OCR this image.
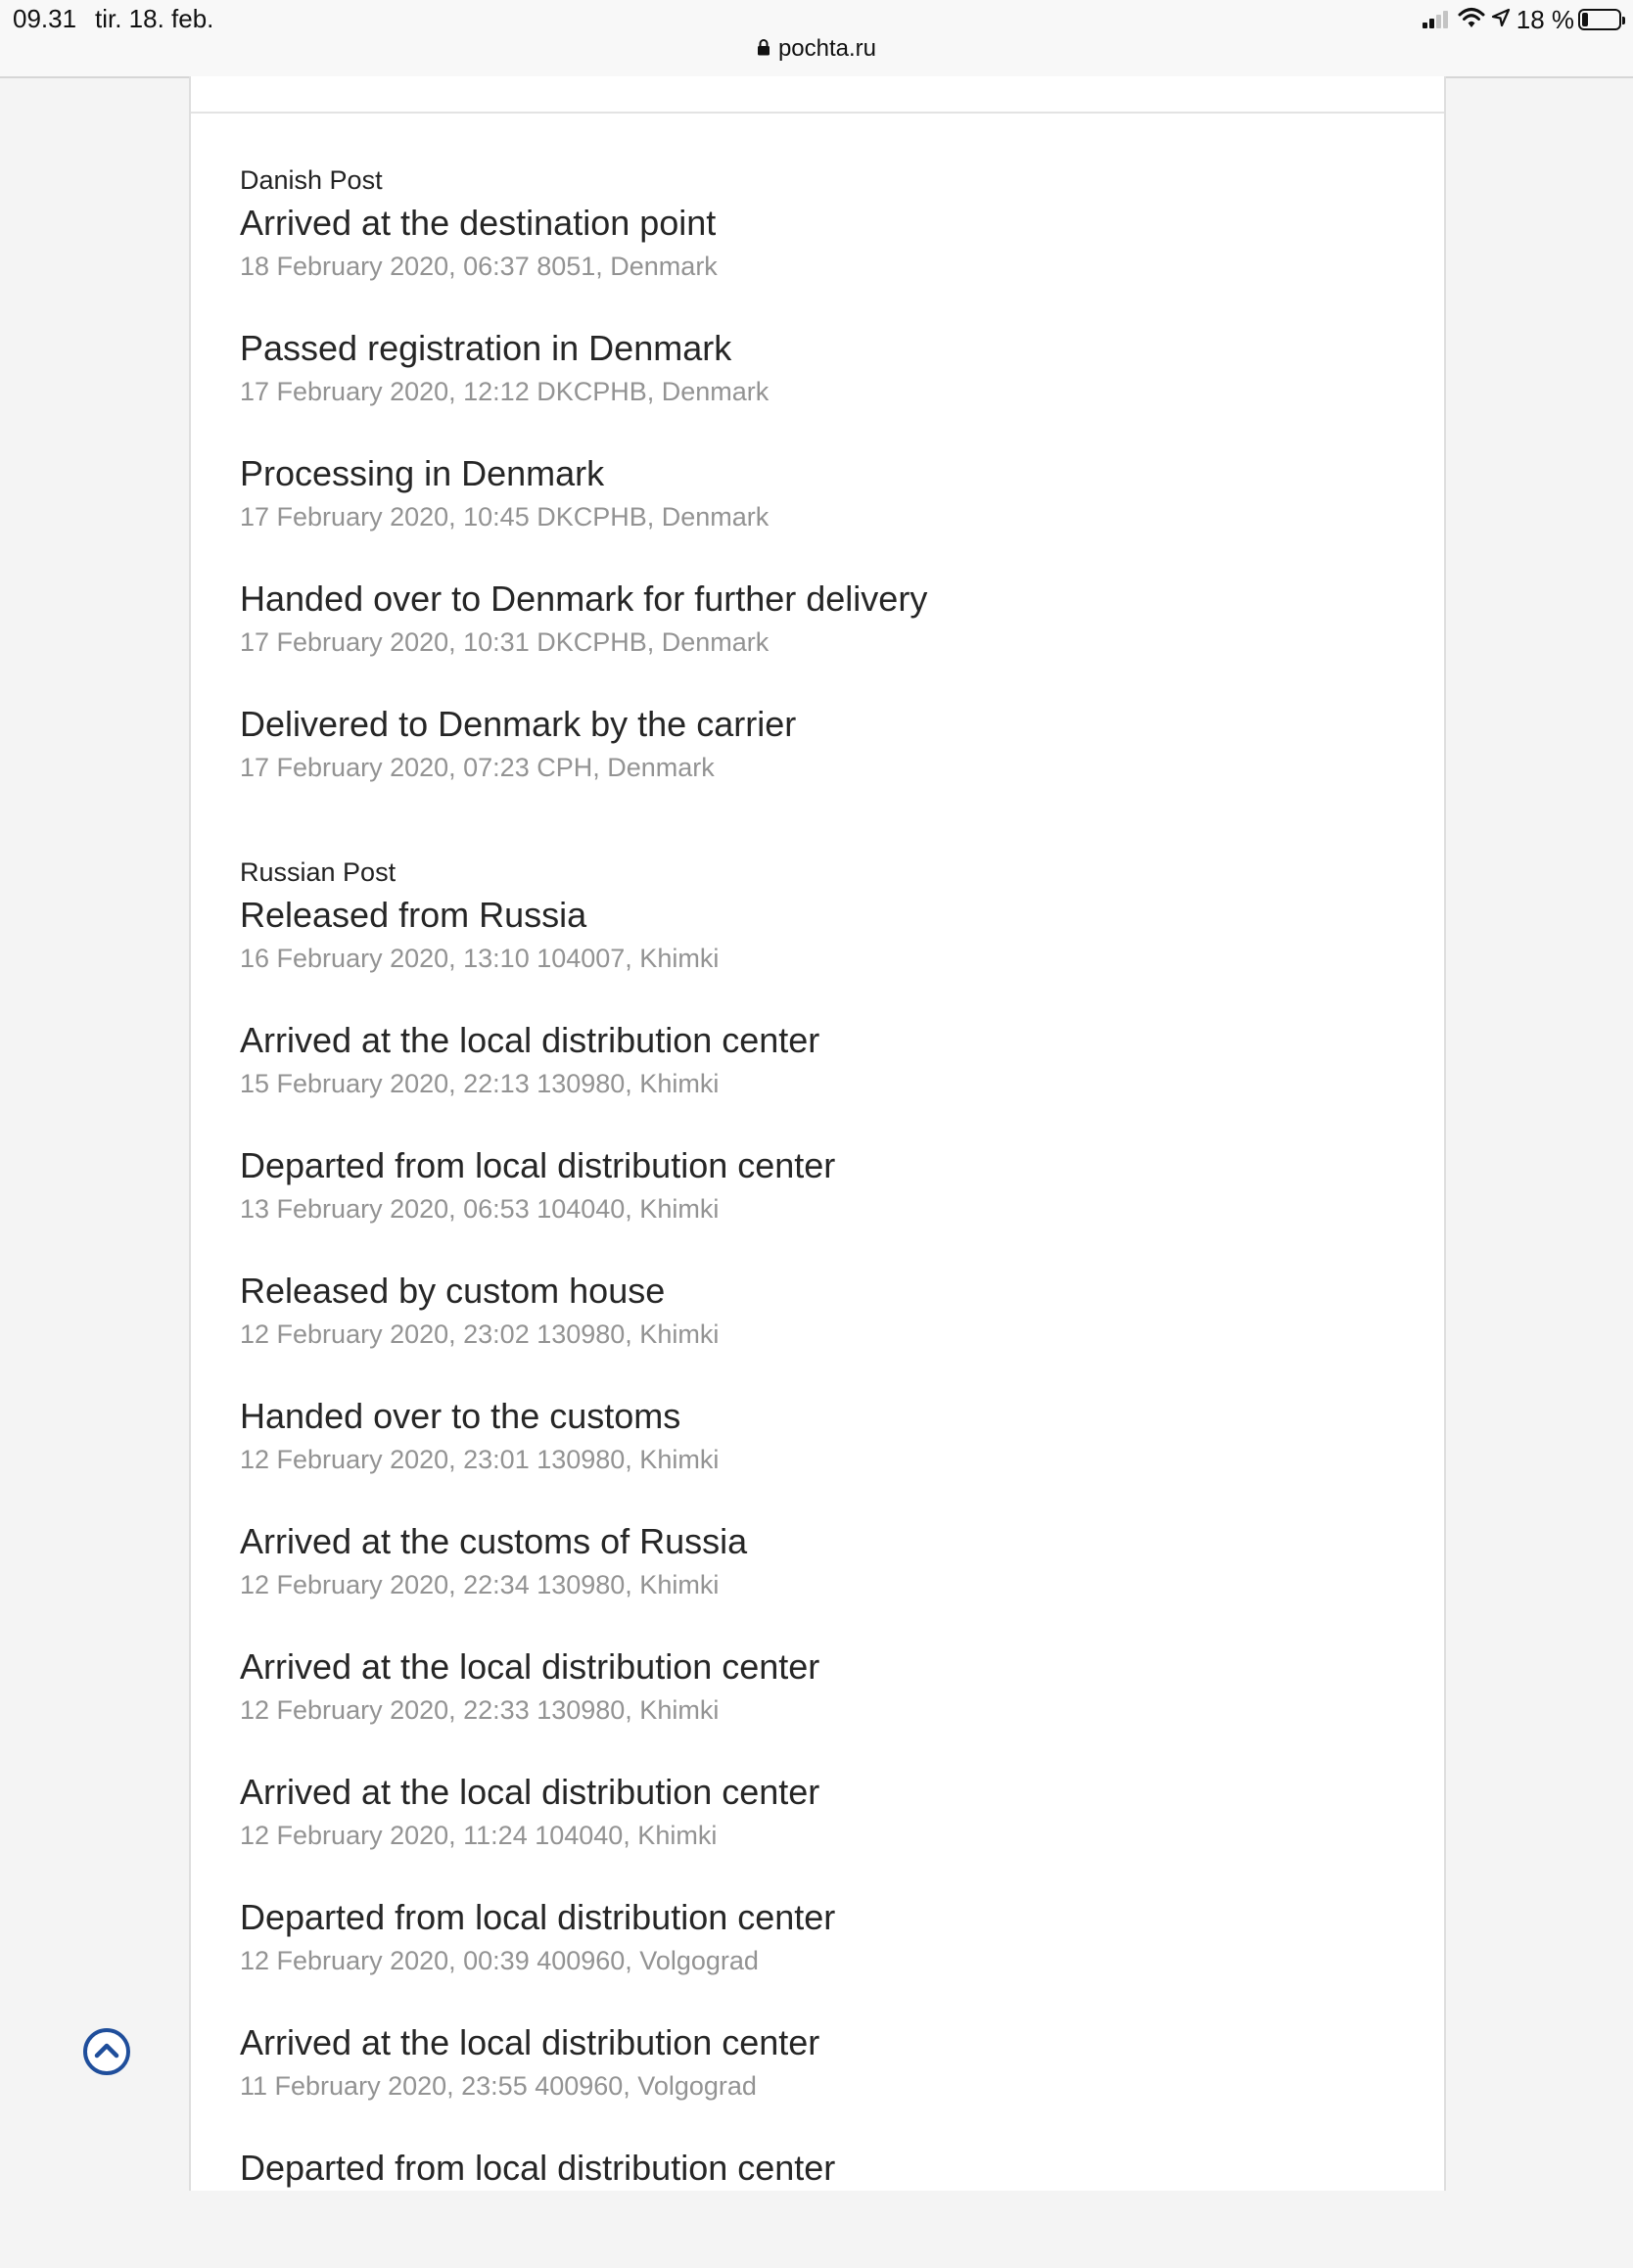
09.31 tir. 18. feb.	18 %
pochta.ru
Danish Post
Arrived at the destination point
18 February 2020, 06:37 8051, Denmark
Passed registration in Denmark
17 February 2020, 12:12 DKCPHB, Denmark
Processing in Denmark
17 February 2020, 10:45 DKCPHB, Denmark
Handed over to Denmark for further delivery
17 February 2020, 10:31 DKCPHB, Denmark
Delivered to Denmark by the carrier
17 February 2020, 07:23 CPH, Denmark
Russian Post
Released from Russia
16 February 2020, 13:10 104007, Khimki
Arrived at the local distribution center
15 February 2020, 22:13 130980, Khimki
Departed from local distribution center
13 February 2020, 06:53 104040, Khimki
Released by custom house
12 February 2020, 23:02 130980, Khimki
Handed over to the customs
12 February 2020, 23:01 130980, Khimki
Arrived at the customs of Russia
12 February 2020, 22:34 130980, Khimki
Arrived at the local distribution center
12 February 2020, 22:33 130980, Khimki
Arrived at the local distribution center
12 February 2020, 11:24 104040, Khimki
Departed from local distribution center
12 February 2020, 00:39 400960, Volgograd
Arrived at the local distribution center
11 February 2020, 23:55 400960, Volgograd
Departed from local distribution center
